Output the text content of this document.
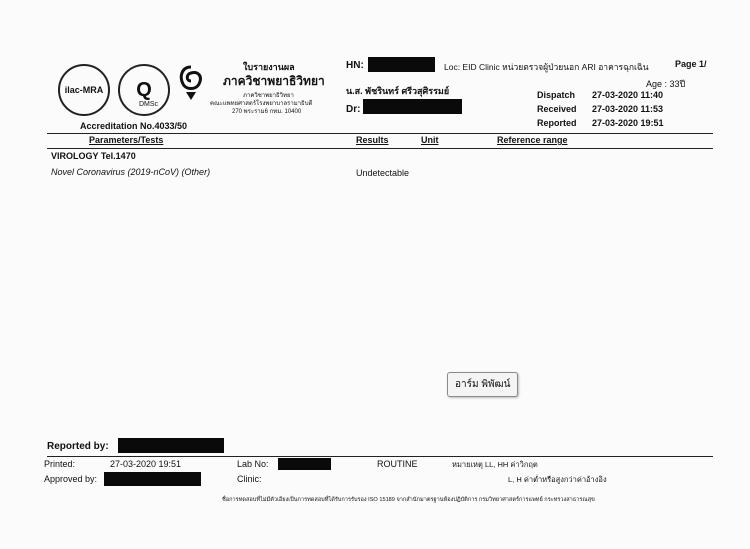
ilac-MRA Q
DMSc
ใบรายงานผล
ภาควิชาพยาธิวิทยา
ภาควิชาพยาธิวิทยา
คณะแพทยศาสตร์โรงพยาบาลรามาธิบดี
270 พระราม6 กทม. 10400
Accreditation No.4033/50
HN:
น.ส. พัชรินทร์ ศรีวสุศิรรมย์
Dr:
Loc: EID Clinic หน่วยตรวจผู้ป่วยนอก ARI อาคารฉุกเฉิน	Page 1/
Age : 33ปี
Dispatch 27-03-2020 11:40
Received 27-03-2020 11:53
Reported 27-03-2020 19:51
Parameters/Tests	Results	Unit	Reference range
VIROLOGY Tel.1470
Novel Coronavirus (2019-nCoV) (Other)	Undetectable
อาร์ม พิพัฒน์
Reported by:
Printed:	27-03-2020 19:51	Lab No:	ROUTINE	หมายเหตุ LL, HH ค่าวิกฤต
Approved by:	Clinic:	L, H ค่าต่ำหรือสูงกว่าค่าอ้างอิง
ชื่อการทดสอบที่ไม่มีตัวเอียงเป็นการทดสอบที่ได้รับการรับรอง ISO 15189 จากสำนักมาตรฐานห้องปฏิบัติการ กรมวิทยาศาสตร์การแพทย์ กระทรวงสาธารณสุข
